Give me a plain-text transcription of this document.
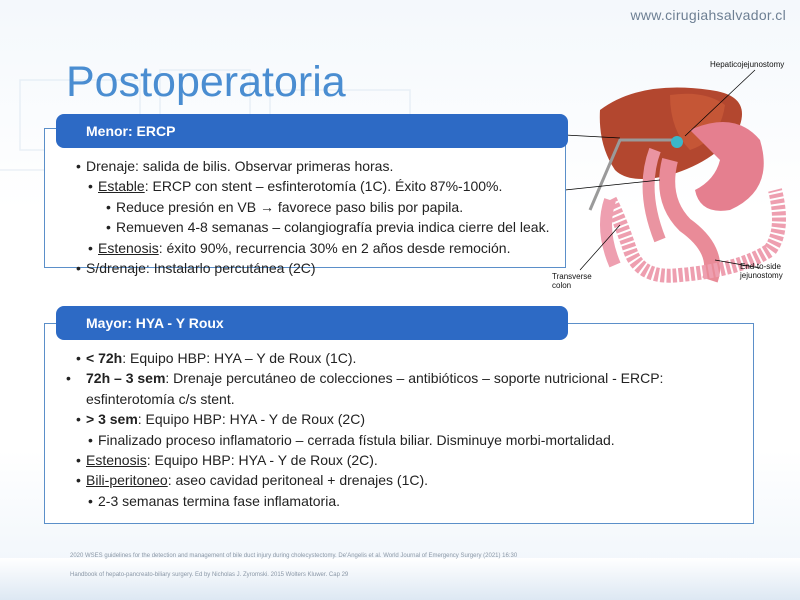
www.cirugiahsalvador.cl
Postoperatoria	Hepaticojejunostomy
Transverse
colon
End-to-side
jejunostomy
Menor: ERCP
• Drenaje: salida de bilis. Observar primeras horas.
• Estable: ERCP con stent – esfinterotomía (1C). Éxito 87%-100%.
• Reduce presión en VB → favorece paso bilis por papila.
• Remueven 4-8 semanas – colangiografía previa indica cierre del leak.
• Estenosis: éxito 90%, recurrencia 30% en 2 años desde remoción.
• S/drenaje: Instalarlo percutánea (2C)
Mayor: HYA - Y Roux
• < 72h: Equipo HBP: HYA – Y de Roux (1C).
• 72h – 3 sem: Drenaje percutáneo de colecciones – antibióticos – soporte nutricional - ERCP: esfinterotomía c/s stent.
• > 3 sem: Equipo HBP: HYA - Y de Roux (2C)
• Finalizado proceso inflamatorio – cerrada fístula biliar. Disminuye morbi-mortalidad.
• Estenosis: Equipo HBP: HYA - Y de Roux (2C).
• Bili-peritoneo: aseo cavidad peritoneal + drenajes (1C).
• 2-3 semanas termina fase inflamatoria.
2020 WSES guidelines for the detection and management of bile duct injury during cholecystectomy. De'Angelis et al. World Journal of Emergency Surgery (2021) 16:30
Handbook of hepato-pancreato-biliary surgery. Ed by Nicholas J. Zyromski. 2015 Wolters Kluwer. Cap 29
